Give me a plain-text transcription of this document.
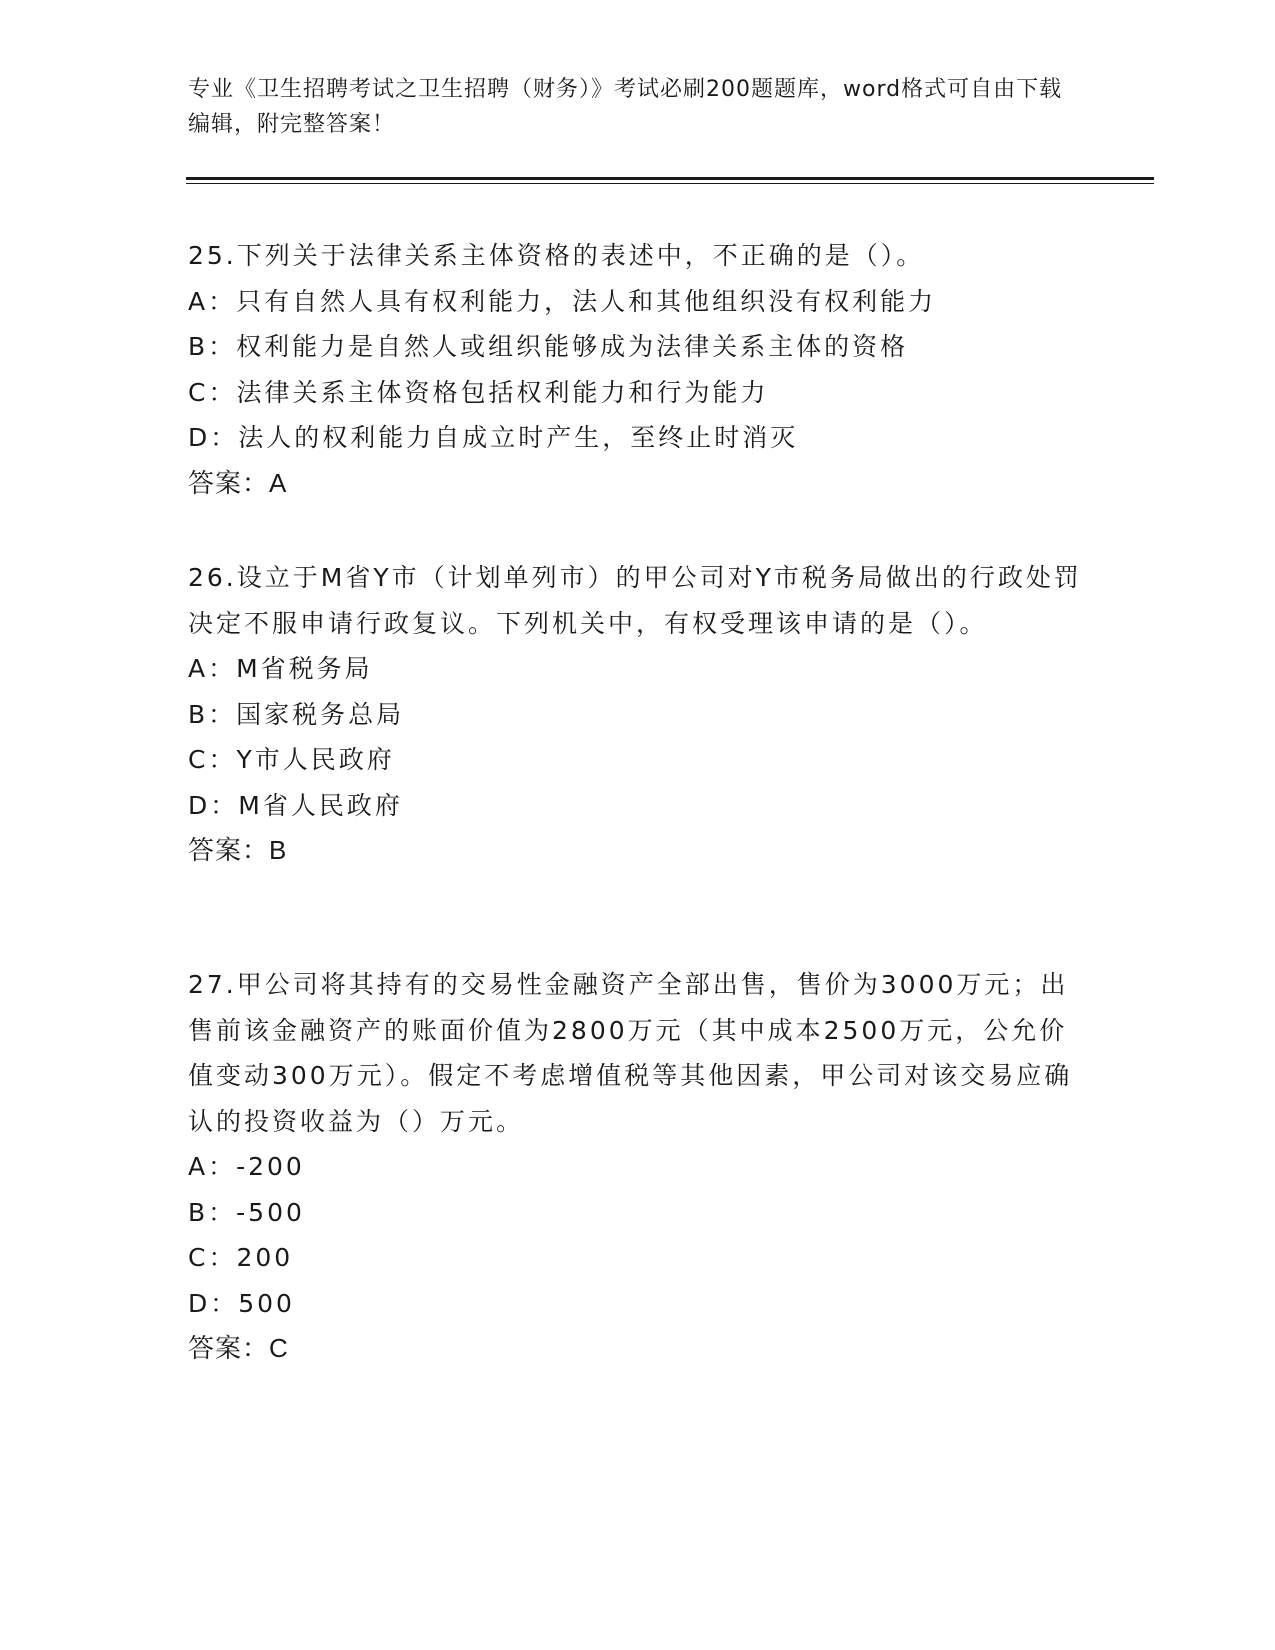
专业《卫生招聘考试之卫生招聘（财务）》考试必刷200题题库，word格式可自由下载编辑，附完整答案！
25.下列关于法律关系主体资格的表述中，不正确的是（）。
A：只有自然人具有权利能力，法人和其他组织没有权利能力
B：权利能力是自然人或组织能够成为法律关系主体的资格
C：法律关系主体资格包括权利能力和行为能力
D：法人的权利能力自成立时产生，至终止时消灭
答案：A
26.设立于M省Y市（计划单列市）的甲公司对Y市税务局做出的行政处罚决定不服申请行政复议。下列机关中，有权受理该申请的是（）。
A：M省税务局
B：国家税务总局
C：Y市人民政府
D：M省人民政府
答案：B
27.甲公司将其持有的交易性金融资产全部出售，售价为3000万元；出售前该金融资产的账面价值为2800万元（其中成本2500万元，公允价值变动300万元）。假定不考虑增值税等其他因素，甲公司对该交易应确认的投资收益为（）万元。
A：-200
B：-500
C：200
D：500
答案：C
